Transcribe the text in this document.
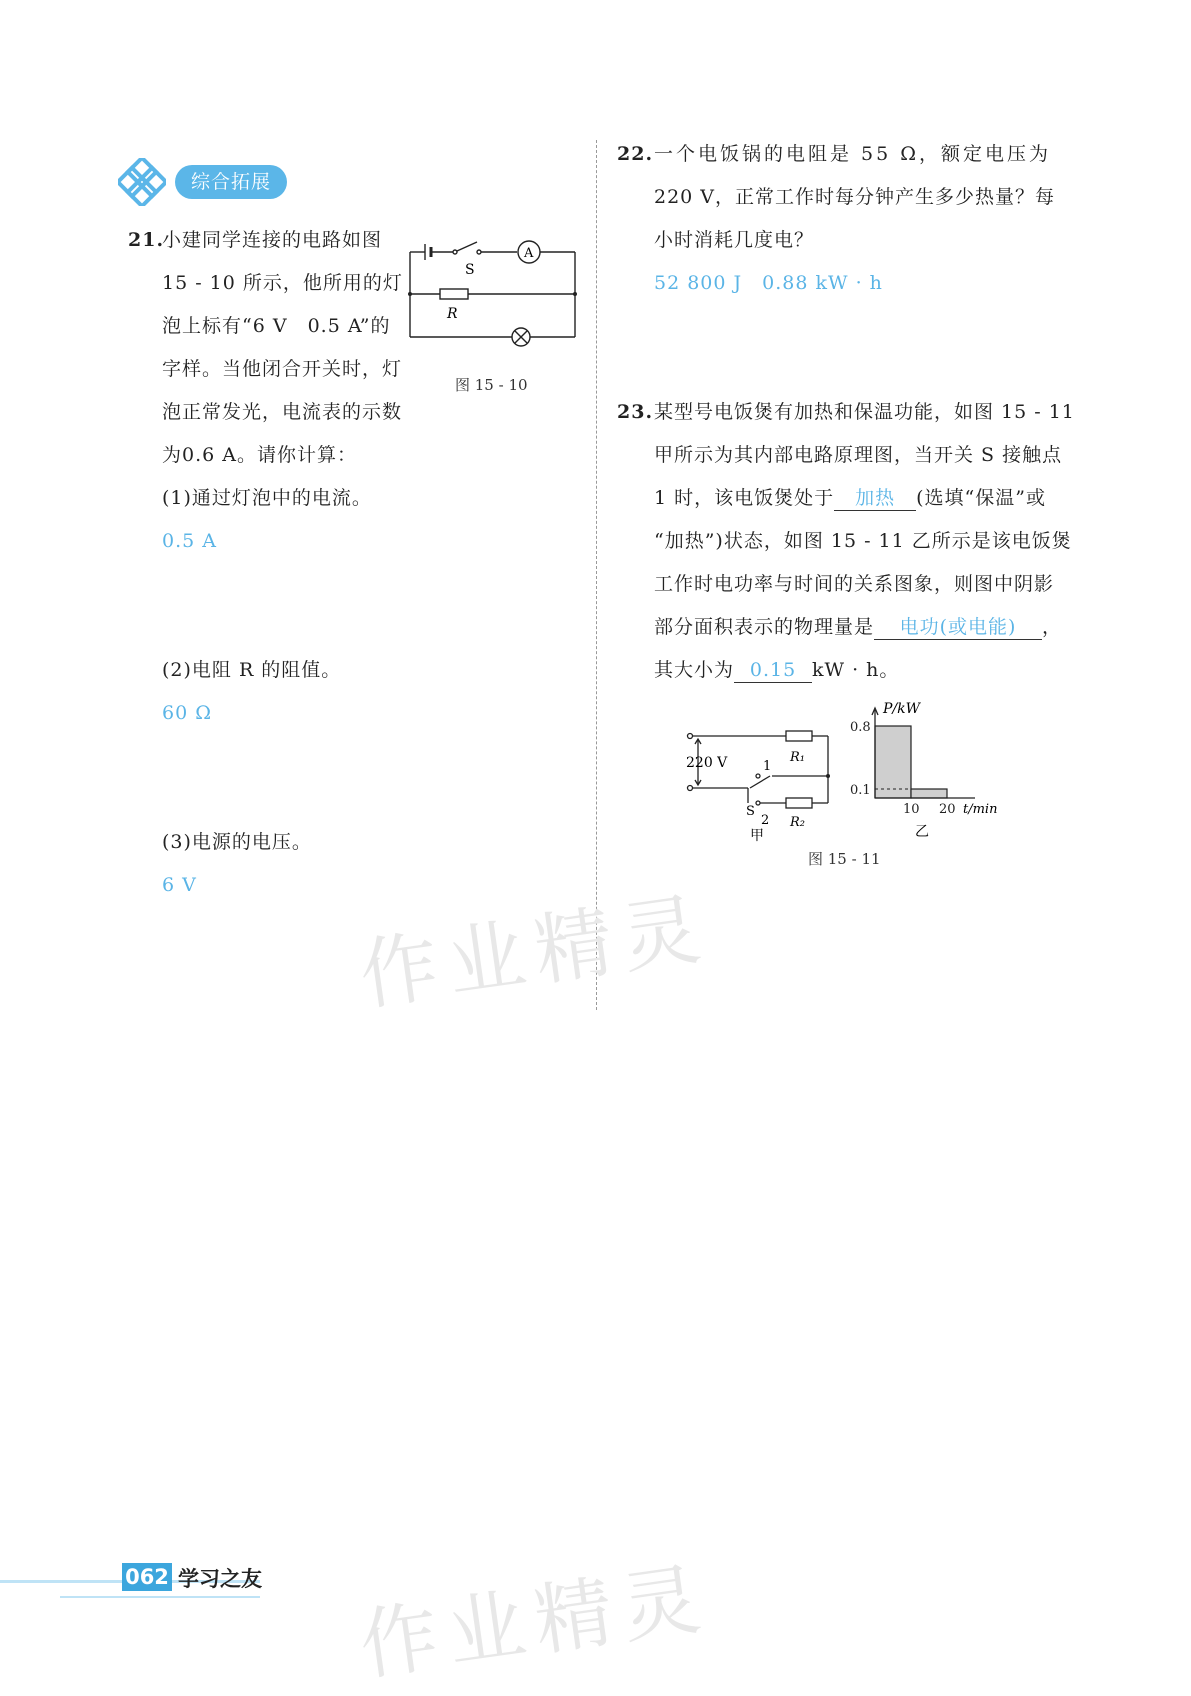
综合拓展
21.
小建同学连接的电路如图
15 - 10 所示，他所用的灯
泡上标有“6 V　0.5 A”的
字样。当他闭合开关时，灯
泡正常发光，电流表的示数
为0.6 A。请你计算：
S
A
R
图 15 - 10
(1)通过灯泡中的电流。
0.5 A
(2)电阻 R 的阻值。
60 Ω
(3)电源的电压。
6 V
22. 一个电饭锅的电阻是 55 Ω，额定电压为
220 V，正常工作时每分钟产生多少热量？每
小时消耗几度电？
52 800 J　0.88 kW · h
23. 某型号电饭煲有加热和保温功能，如图 15 - 11
甲所示为其内部电路原理图，当开关 S 接触点
1 时，该电饭煲处于 加热 (选填“保温”或
“加热”)状态，如图 15 - 11 乙所示是该电饭煲
工作时电功率与时间的关系图象，则图中阴影
部分面积表示的物理量是 电功(或电能) ，
其大小为 0.15 kW · h。
220 V	R₁
1
S
2 R₂
甲
0.8
0.1
10 20
P/kW
t/min
乙
图 15 - 11
作业精灵
作业精灵
062 学习之友
